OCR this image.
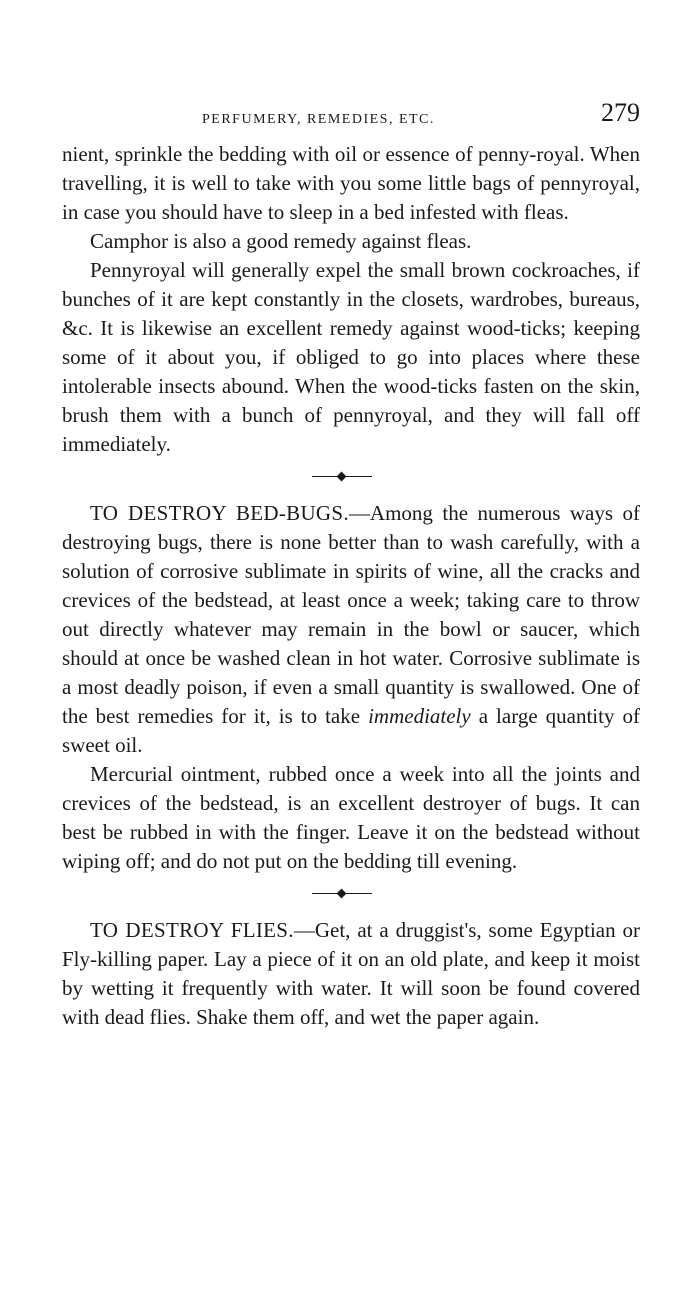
PERFUMERY, REMEDIES, ETC.	279

nient, sprinkle the bedding with oil or essence of penny-royal. When travelling, it is well to take with you some little bags of pennyroyal, in case you should have to sleep in a bed infested with fleas.

Camphor is also a good remedy against fleas.

Pennyroyal will generally expel the small brown cockroaches, if bunches of it are kept constantly in the closets, wardrobes, bureaus, &c. It is likewise an excellent remedy against wood-ticks; keeping some of it about you, if obliged to go into places where these intolerable insects abound. When the wood-ticks fasten on the skin, brush them with a bunch of pennyroyal, and they will fall off immediately.

TO DESTROY BED-BUGS.—Among the numerous ways of destroying bugs, there is none better than to wash carefully, with a solution of corrosive sublimate in spirits of wine, all the cracks and crevices of the bedstead, at least once a week; taking care to throw out directly whatever may remain in the bowl or saucer, which should at once be washed clean in hot water. Corrosive sublimate is a most deadly poison, if even a small quantity is swallowed. One of the best remedies for it, is to take immediately a large quantity of sweet oil.

Mercurial ointment, rubbed once a week into all the joints and crevices of the bedstead, is an excellent destroyer of bugs. It can best be rubbed in with the finger. Leave it on the bedstead without wiping off; and do not put on the bedding till evening.

TO DESTROY FLIES.—Get, at a druggist's, some Egyptian or Fly-killing paper. Lay a piece of it on an old plate, and keep it moist by wetting it frequently with water. It will soon be found covered with dead flies. Shake them off, and wet the paper again.
